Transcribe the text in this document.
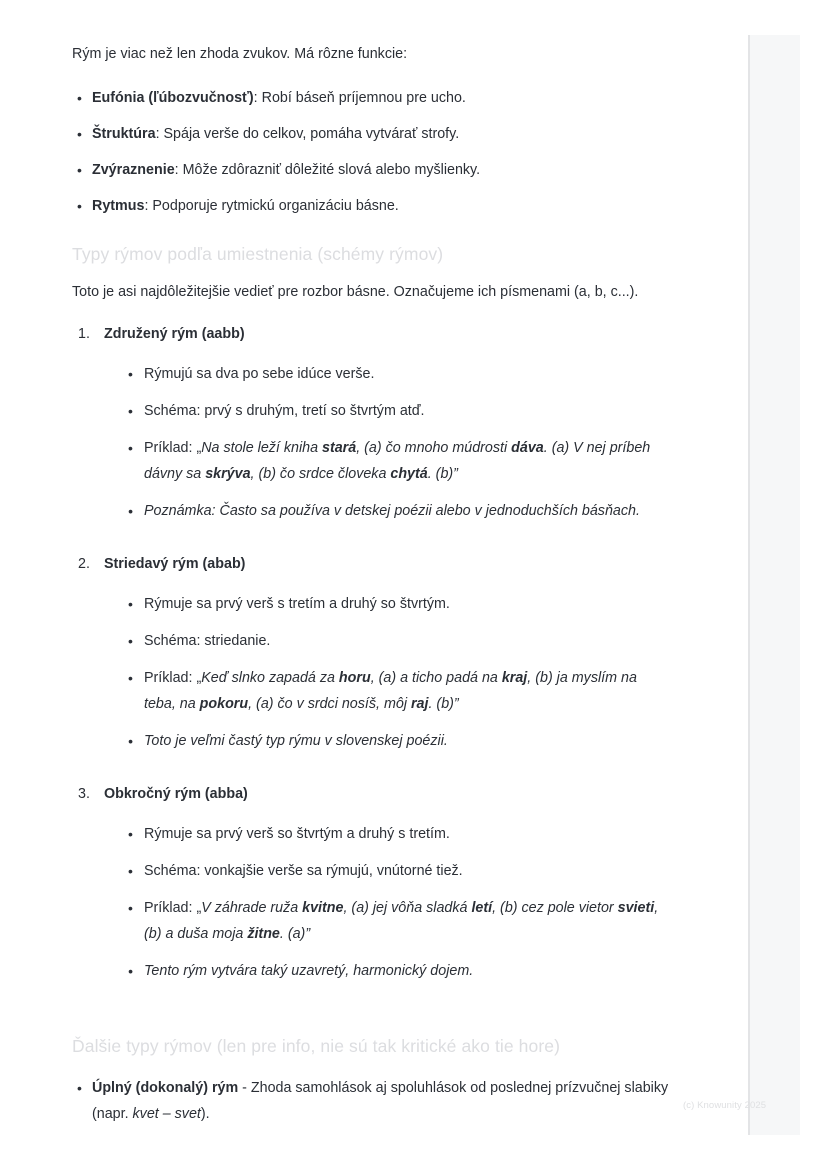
Rým je viac než len zhoda zvukov. Má rôzne funkcie:

• Eufónia (ľúbozvučnosť): Robí báseň príjemnou pre ucho.
• Štruktúra: Spája verše do celkov, pomáha vytvárať strofy.
• Zvýraznenie: Môže zdôrazniť dôležité slová alebo myšlienky.
• Rytmus: Podporuje rytmickú organizáciu básne.
Typy rýmov podľa umiestnenia (schémy rýmov)

Toto je asi najdôležitejšie vedieť pre rozbor básne. Označujeme ich písmenami (a, b, c...).

Združený rým (aabb)
• Rýmujú sa dva po sebe idúce verše.
• Schéma: prvý s druhým, tretí so štvrtým atď.
• Príklad: „Na stole leží kniha stará, (a) čo mnoho múdrosti dáva. (a) V nej príbeh dávny sa skrýva, (b) čo srdce človeka chytá. (b)”
• Poznámka: Často sa používa v detskej poézii alebo v jednoduchších básňach.
Striedavý rým (abab)
• Rýmuje sa prvý verš s tretím a druhý so štvrtým.
• Schéma: striedanie.
• Príklad: „Keď slnko zapadá za horu, (a) a ticho padá na kraj, (b) ja myslím na teba, na pokoru, (a) čo v srdci nosíš, môj raj. (b)”
• Toto je veľmi častý typ rýmu v slovenskej poézii.
Obkročný rým (abba)
• Rýmuje sa prvý verš so štvrtým a druhý s tretím.
• Schéma: vonkajšie verše sa rýmujú, vnútorné tiež.
• Príklad: „V záhrade ruža kvitne, (a) jej vôňa sladká letí, (b) cez pole vietor svieti, (b) a duša moja žitne. (a)”
• Tento rým vytvára taký uzavretý, harmonický dojem.
Ďalšie typy rýmov (len pre info, nie sú tak kritické ako tie hore)
• Úplný (dokonalý) rým - Zhoda samohlások aj spoluhlások od poslednej prízvučnej slabiky (napr. kvet – svet).
(c) Knowunity 2025
